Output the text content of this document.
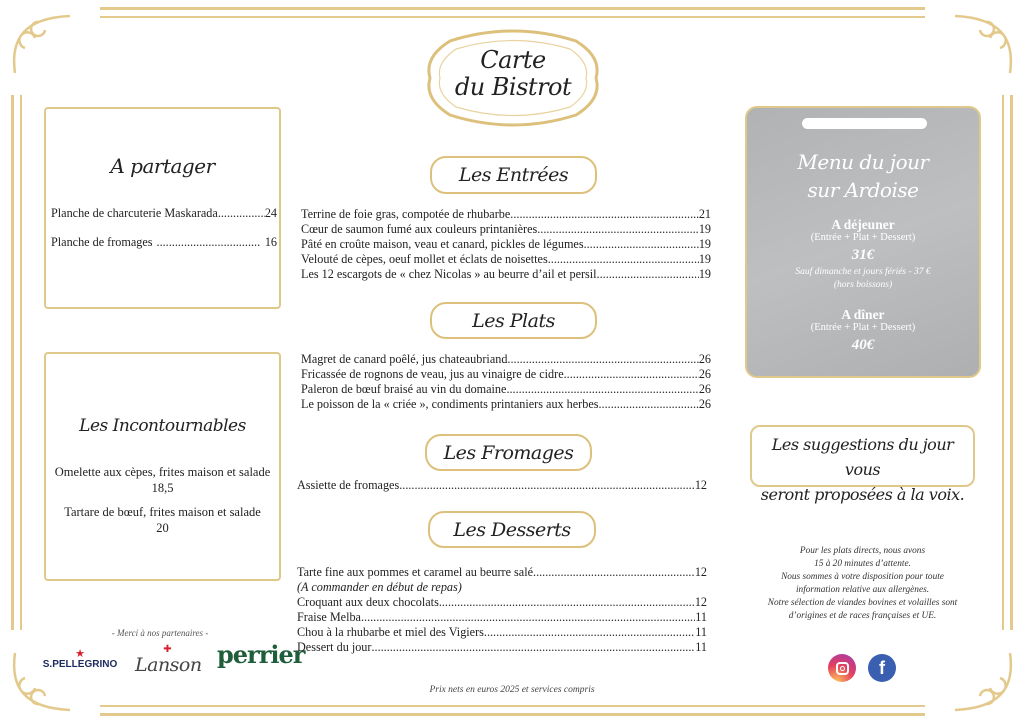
Carte
du Bistrot
A partager
Planche de charcuterie Maskarada .....	24
Planche de fromages .....	16
Les Incontournables
Omelette aux cèpes, frites maison et salade
18,5
Tartare de bœuf, frites maison et salade
20
- Merci à nos partenaires -
★
S.PELLEGRINO
✚
Lanson perrier
Les Entrées
Terrine de foie gras, compotée de rhubarbe .....	21
Cœur de saumon fumé aux couleurs printanières .....	19
Pâté en croûte maison, veau et canard, pickles de légumes .....	19
Velouté de cèpes, oeuf mollet et éclats de noisettes .....	19
Les 12 escargots de « chez Nicolas » au beurre d’ail et persil .....	19
Les Plats
Magret de canard poêlé, jus chateaubriand .....	26
Fricassée de rognons de veau, jus au vinaigre de cidre .....	26
Paleron de bœuf braisé au vin du domaine .....	26
Le poisson de la « criée », condiments printaniers aux herbes .....	26
Les Fromages
Assiette de fromages .....	12
Les Desserts
Tarte fine aux pommes et caramel au beurre salé .....	12
(A commander en début de repas)
Croquant aux deux chocolats .....	12
Fraise Melba .....	11
Chou à la rhubarbe et miel des Vigiers .....	11
Dessert du jour .....	11
Prix nets en euros 2025 et services compris
Menu du jour
sur Ardoise
A déjeuner
(Entrée + Plat + Dessert)
31€
Sauf dimanche et jours fériés - 37 €
(hors boissons)
A dîner
(Entrée + Plat + Dessert)
40€
Les suggestions du jour vous
seront proposées à la voix.
Pour les plats directs, nous avons
15 à 20 minutes d’attente.
Nous sommes à votre disposition pour toute
information relative aux allergènes.
Notre sélection de viandes bovines et volailles sont
d’origines et de races françaises et UE.
f
